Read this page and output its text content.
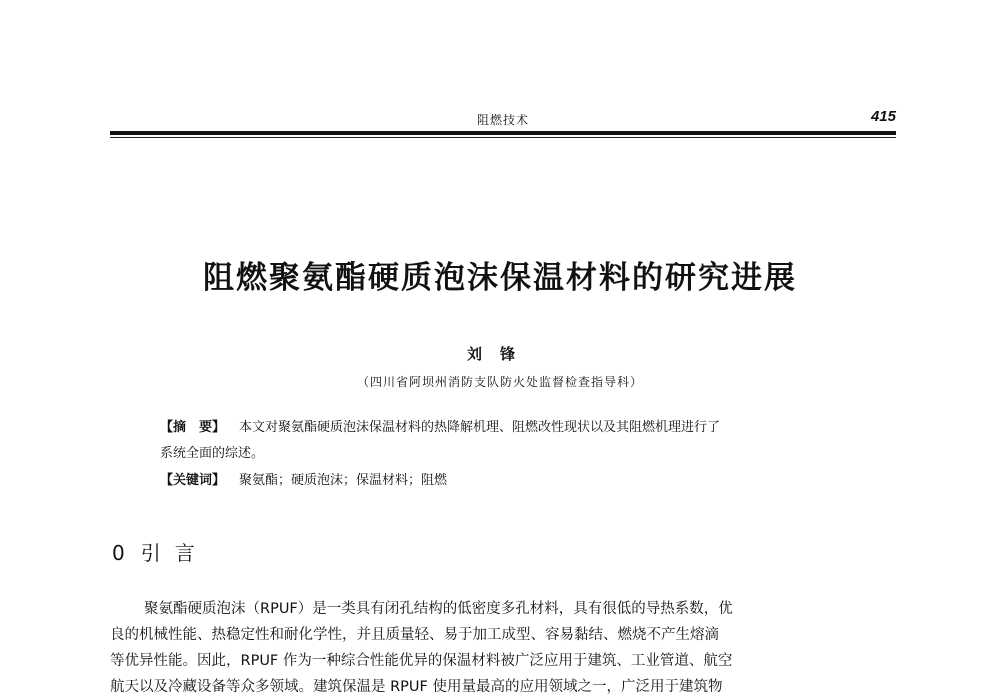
阻燃技术	415
阻燃聚氨酯硬质泡沫保温材料的研究进展
刘锋
（四川省阿坝州消防支队防火处监督检查指导科）
【摘　要】 本文对聚氨酯硬质泡沫保温材料的热降解机理、阻燃改性现状以及其阻燃机理进行了
系统全面的综述。
【关键词】 聚氨酯；硬质泡沫；保温材料；阻燃
0 引言
聚氨酯硬质泡沫（RPUF）是一类具有闭孔结构的低密度多孔材料，具有很低的导热系数，优
良的机械性能、热稳定性和耐化学性，并且质量轻、易于加工成型、容易黏结、燃烧不产生熔滴
等优异性能。因此，RPUF 作为一种综合性能优异的保温材料被广泛应用于建筑、工业管道、航空
航天以及冷藏设备等众多领域。建筑保温是 RPUF 使用量最高的应用领域之一，广泛用于建筑物
